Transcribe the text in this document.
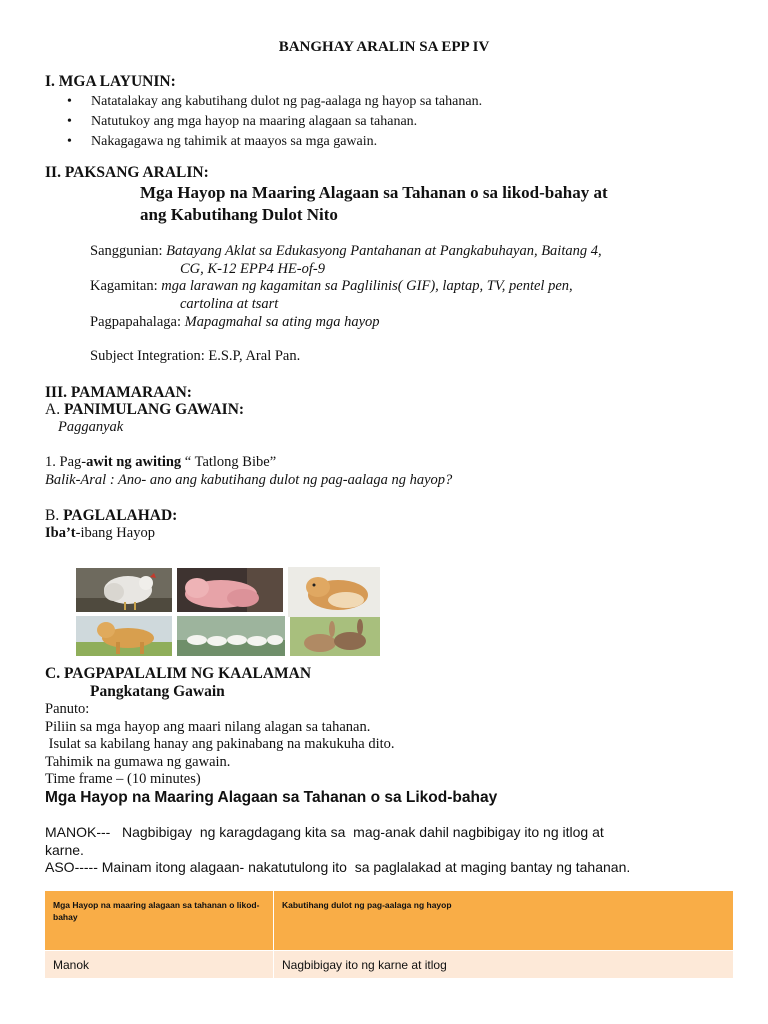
BANGHAY ARALIN SA EPP IV
I. MGA LAYUNIN:
• Natatalakay ang kabutihang dulot ng pag-aalaga ng hayop sa tahanan.
• Natutukoy ang mga hayop na maaring alagaan sa tahanan.
• Nakagagawa ng tahimik at maayos sa mga gawain.
II. PAKSANG ARALIN:
Mga Hayop na Maaring Alagaan sa Tahanan o sa likod-bahay at
ang Kabutihang Dulot Nito
Sanggunian: Batayang Aklat sa Edukasyong Pantahanan at Pangkabuhayan, Baitang 4,
CG, K-12 EPP4 HE-of-9
Kagamitan: mga larawan ng kagamitan sa Paglilinis( GIF), laptap, TV, pentel pen,
cartolina at tsart
Pagpapahalaga: Mapagmahal sa ating mga hayop
Subject Integration: E.S.P, Aral Pan.
III. PAMAMARAAN:
A. PANIMULANG GAWAIN:
Pagganyak
1. Pag-awit ng awiting “ Tatlong Bibe”
Balik-Aral : Ano- ano ang kabutihang dulot ng pag-aalaga ng hayop?
B. PAGLALAHAD:
Iba’t-ibang Hayop
C. PAGPAPALALIM NG KAALAMAN
Pangkatang Gawain
Panuto:
Piliin sa mga hayop ang maari nilang alagan sa tahanan.
Isulat sa kabilang hanay ang pakinabang na makukuha dito.
Tahimik na gumawa ng gawain.
Time frame – (10 minutes)
Mga Hayop na Maaring Alagaan sa Tahanan o sa Likod-bahay
MANOK---   Nagbibigay  ng karagdagang kita sa  mag-anak dahil nagbibigay ito ng itlog at
karne.
ASO----- Mainam itong alagaan- nakatutulong ito  sa paglalakad at maging bantay ng tahanan.
Mga Hayop na maaring alagaan sa tahanan o likod-bahay	Kabutihang dulot ng pag-aalaga ng hayop
Manok	Nagbibigay ito ng karne at itlog
